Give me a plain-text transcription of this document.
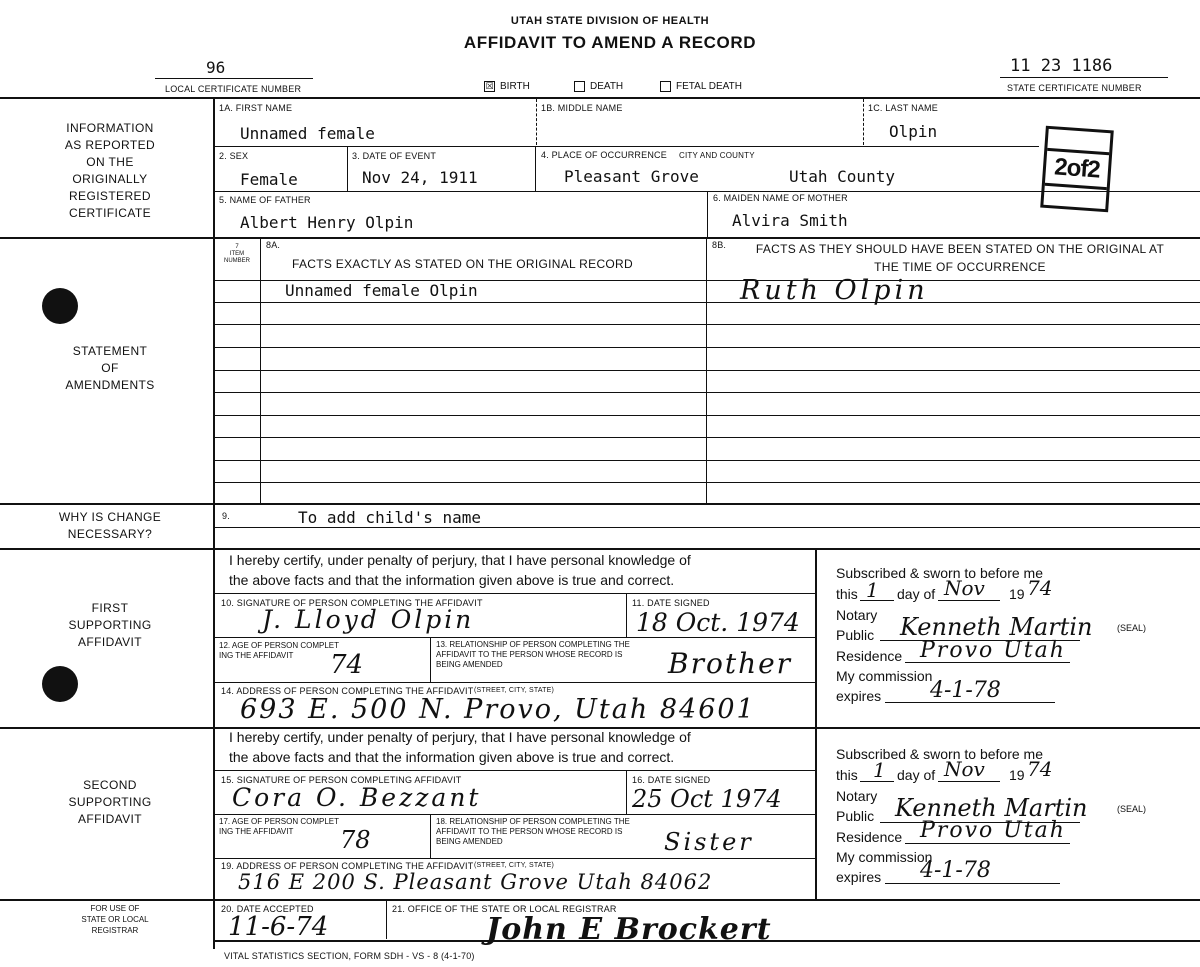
UTAH STATE DIVISION OF HEALTH
AFFIDAVIT TO AMEND A RECORD
96
LOCAL CERTIFICATE NUMBER
11 23 1186
STATE CERTIFICATE NUMBER
☒ BIRTH	DEATH	FETAL DEATH
INFORMATION
AS REPORTED
ON THE
ORIGINALLY
REGISTERED
CERTIFICATE
1A. FIRST NAME
Unnamed female
1B. MIDDLE NAME	1C. LAST NAME
Olpin
2of2
2. SEX
Female
3. DATE OF EVENT
Nov 24, 1911
4. PLACE OF OCCURRENCE CITY AND COUNTY
Pleasant Grove	Utah County
5. NAME OF FATHER
Albert Henry Olpin
6. MAIDEN NAME OF MOTHER
Alvira Smith
STATEMENT
OF
AMENDMENTS
7
ITEM
NUMBER
8A.
FACTS EXACTLY AS STATED ON THE ORIGINAL RECORD
8B.	FACTS AS THEY SHOULD HAVE BEEN STATED ON THE ORIGINAL AT THE TIME OF OCCURRENCE
Unnamed female Olpin	Ruth Olpin
WHY IS CHANGE
NECESSARY?
9.	To add child's name
FIRST
SUPPORTING
AFFIDAVIT
I hereby certify, under penalty of perjury, that I have personal knowledge of
the above facts and that the information given above is true and correct.
10. SIGNATURE OF PERSON COMPLETING THE AFFIDAVIT
J. Lloyd Olpin
11. DATE SIGNED
18 Oct. 1974
12. AGE OF PERSON COMPLET
ING THE AFFIDAVIT	74
13. RELATIONSHIP OF PERSON COMPLETING THE
AFFIDAVIT TO THE PERSON WHOSE RECORD IS
BEING AMENDED	Brother
14. ADDRESS OF PERSON COMPLETING THE AFFIDAVIT (STREET, CITY, STATE)
693 E. 500 N. Provo, Utah 84601
Subscribed & sworn to before me
this 1 day of Nov 19 74
Notary
Public Kenneth Martin	(SEAL)
Residence Provo Utah
My commission
expires 4-1-78
SECOND
SUPPORTING
AFFIDAVIT
I hereby certify, under penalty of perjury, that I have personal knowledge of
the above facts and that the information given above is true and correct.
15. SIGNATURE OF PERSON COMPLETING AFFIDAVIT
Cora O. Bezzant
16. DATE SIGNED
25 Oct 1974
17. AGE OF PERSON COMPLET
ING THE AFFIDAVIT	78
18. RELATIONSHIP OF PERSON COMPLETING THE
AFFIDAVIT TO THE PERSON WHOSE RECORD IS
BEING AMENDED	Sister
19. ADDRESS OF PERSON COMPLETING THE AFFIDAVIT (STREET, CITY, STATE)
516 E 200 S. Pleasant Grove Utah 84062
Subscribed & sworn to before me
this 1 day of Nov 19 74
Notary
Public Kenneth Martin	(SEAL)
Residence Provo Utah
My commission
expires 4-1-78
FOR USE OF
STATE OR LOCAL
REGISTRAR
20. DATE ACCEPTED
11-6-74
21. OFFICE OF THE STATE OR LOCAL REGISTRAR
John E Brockert
VITAL STATISTICS SECTION, FORM SDH - VS - 8 (4-1-70)
